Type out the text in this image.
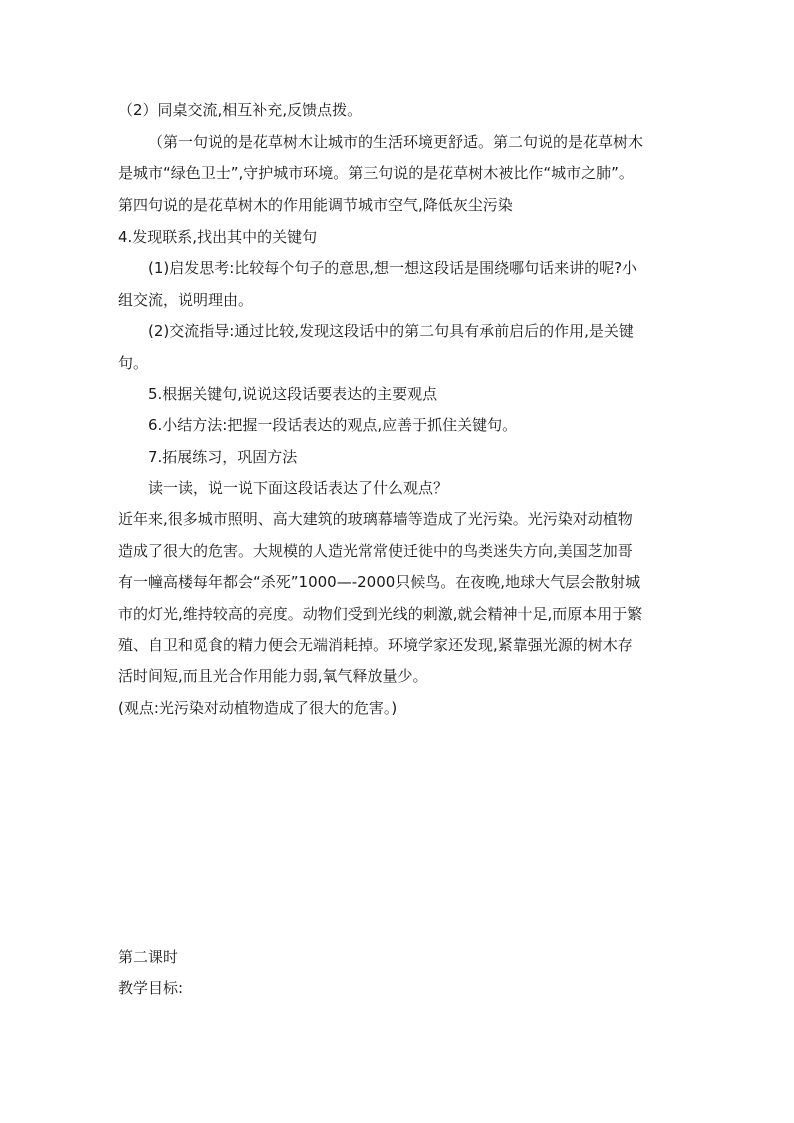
（2）同桌交流,相互补充,反馈点拨。
（第一句说的是花草树木让城市的生活环境更舒适。第二句说的是花草树木
是城市“绿色卫士”,守护城市环境。第三句说的是花草树木被比作“城市之肺”。
第四句说的是花草树木的作用能调节城市空气,降低灰尘污染
4.发现联系,找出其中的关键句
(1)启发思考:比较每个句子的意思,想一想这段话是围绕哪句话来讲的呢?小
组交流，说明理由。
(2)交流指导:通过比较,发现这段话中的第二句具有承前启后的作用,是关键
句。
5.根据关键句,说说这段话要表达的主要观点
6.小结方法:把握一段话表达的观点,应善于抓住关键句。
7.拓展练习，巩固方法
读一读，说一说下面这段话表达了什么观点？
近年来,很多城市照明、高大建筑的玻璃幕墙等造成了光污染。光污染对动植物
造成了很大的危害。大规模的人造光常常使迁徙中的鸟类迷失方向,美国芝加哥
有一幢高楼每年都会“杀死”1000—-2000只候鸟。在夜晚,地球大气层会散射城
市的灯光,维持较高的亮度。动物们受到光线的刺激,就会精神十足,而原本用于繁
殖、自卫和觅食的精力便会无端消耗掉。环境学家还发现,紧靠强光源的树木存
活时间短,而且光合作用能力弱,氧气释放量少。
(观点:光污染对动植物造成了很大的危害。)
第二课时
教学目标:
